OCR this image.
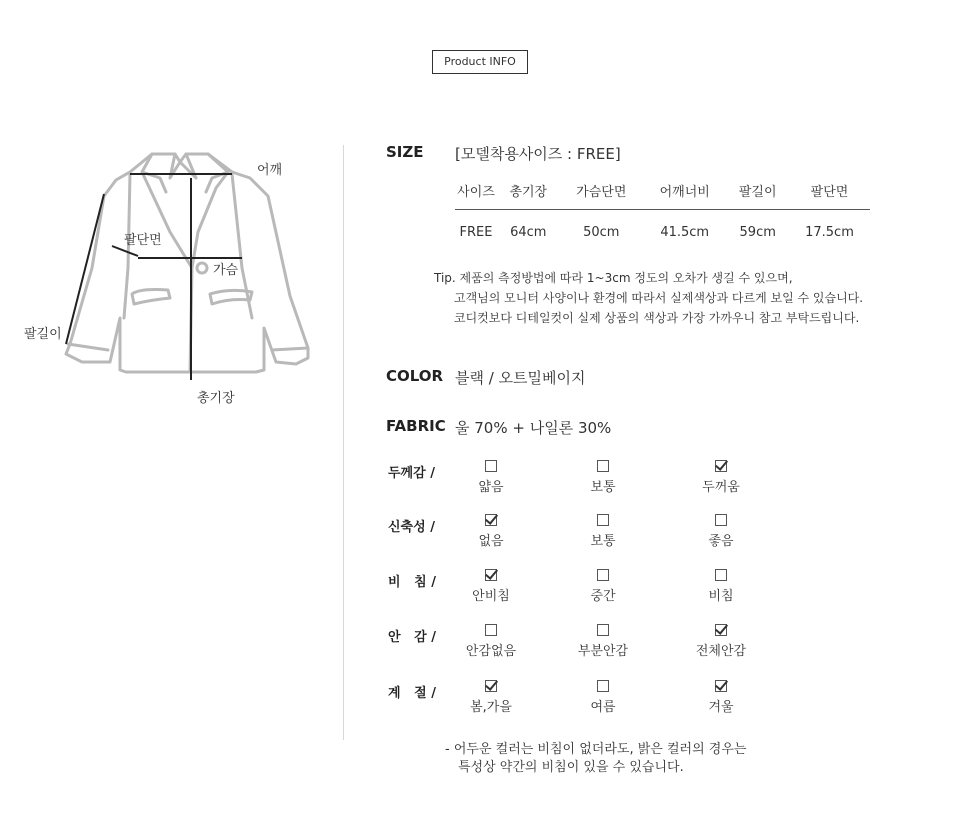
Product INFO
어깨
팔단면
가슴
팔길이
총기장
SIZE [모델착용사이즈 : FREE]
사이즈	총기장	가슴단면	어깨너비	팔길이	팔단면
FREE	64cm	50cm	41.5cm	59cm	17.5cm
Tip. 제품의 측정방법에 따라 1~3cm 정도의 오차가 생길 수 있으며,
고객님의 모니터 사양이나 환경에 따라서 실제색상과 다르게 보일 수 있습니다.
코디컷보다 디테일컷이 실제 상품의 색상과 가장 가까우니 참고 부탁드립니다.
COLOR 블랙 / 오트밀베이지
FABRIC 울 70% + 나일론 30%
두께감 /
얇음	보통	두꺼움
신축성 /
없음	보통	좋음
비   침 /
안비침	중간	비침
안   감 /
안감없음	부분안감	전체안감
계   절 /
봄,가을	여름	겨울
- 어두운 컬러는 비침이 없더라도, 밝은 컬러의 경우는
특성상 약간의 비침이 있을 수 있습니다.
